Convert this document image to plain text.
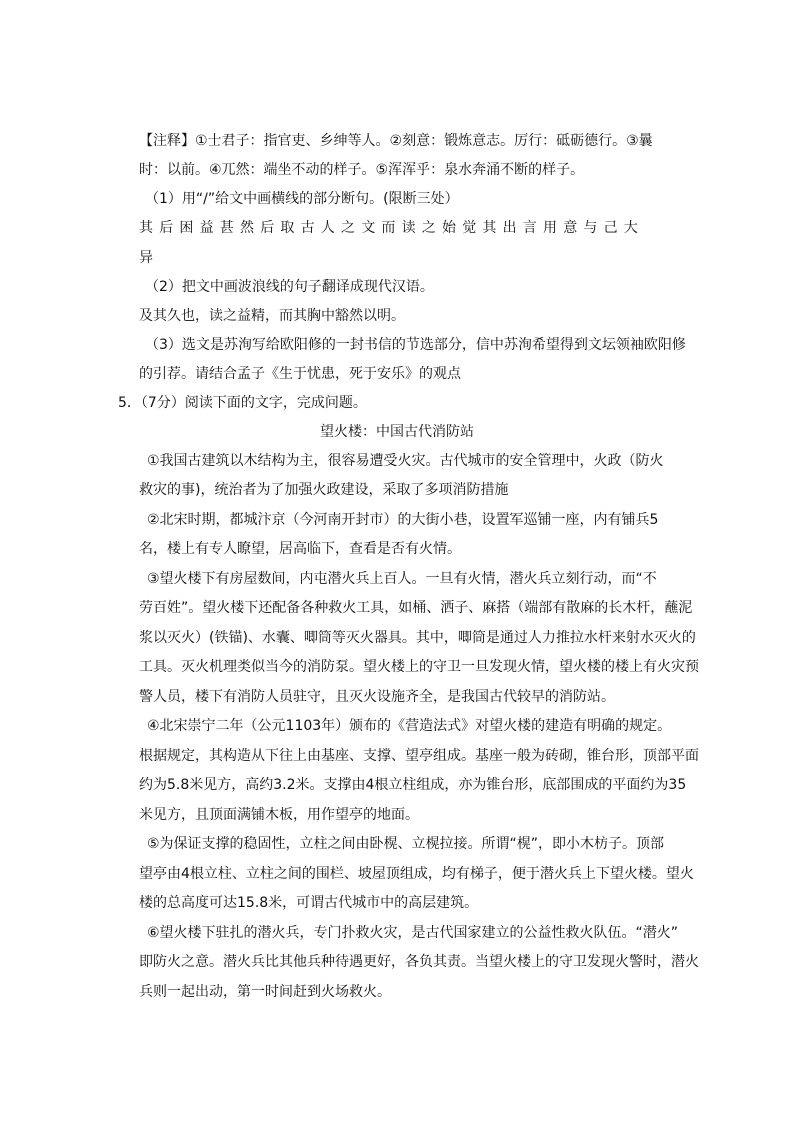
【注释】①士君子：指官吏、乡绅等人。②刻意：锻炼意志。厉行：砥砺德行。③曩
时：以前。④兀然：端坐不动的样子。⑤浑浑乎：泉水奔涌不断的样子。
（1）用“/”给文中画横线的部分断句。(限断三处）
其后困益甚然后取古人之文而读之始觉其出言用意与己大
异
（2）把文中画波浪线的句子翻译成现代汉语。
及其久也，读之益精，而其胸中豁然以明。
（3）选文是苏洵写给欧阳修的一封书信的节选部分，信中苏洵希望得到文坛领袖欧阳修
的引荐。请结合孟子《生于忧患，死于安乐》的观点
5．（7分）阅读下面的文字，完成问题。
望火楼：中国古代消防站
①我国古建筑以木结构为主，很容易遭受火灾。古代城市的安全管理中，火政（防火
救灾的事)，统治者为了加强火政建设，采取了多项消防措施
②北宋时期，都城汴京（今河南开封市）的大街小巷，设置军巡铺一座，内有铺兵5
名，楼上有专人瞭望，居高临下，查看是否有火情。
③望火楼下有房屋数间，内屯潜火兵上百人。一旦有火情，潜火兵立刻行动，而“不
劳百姓”。望火楼下还配备各种救火工具，如桶、洒子、麻搭（端部有散麻的长木杆，蘸泥
浆以灭火）(铁锚)、水囊、唧筒等灭火器具。其中，唧筒是通过人力推拉水杆来射水灭火的
工具。灭火机理类似当今的消防泵。望火楼上的守卫一旦发现火情，望火楼的楼上有火灾预
警人员，楼下有消防人员驻守，且灭火设施齐全，是我国古代较早的消防站。
④北宋崇宁二年（公元1103年）颁布的《营造法式》对望火楼的建造有明确的规定。
根据规定，其构造从下往上由基座、支撑、望亭组成。基座一般为砖砌，锥台形，顶部平面
约为5.8米见方，高约3.2米。支撑由4根立柱组成，亦为锥台形，底部围成的平面约为35
米见方，且顶面满铺木板，用作望亭的地面。
⑤为保证支撑的稳固性，立柱之间由卧榥、立榥拉接。所谓“榥”，即小木枋子。顶部
望亭由4根立柱、立柱之间的围栏、坡屋顶组成，均有梯子，便于潜火兵上下望火楼。望火
楼的总高度可达15.8米，可谓古代城市中的高层建筑。
⑥望火楼下驻扎的潜火兵，专门扑救火灾，是古代国家建立的公益性救火队伍。“潜火”
即防火之意。潜火兵比其他兵种待遇更好，各负其责。当望火楼上的守卫发现火警时，潜火
兵则一起出动，第一时间赶到火场救火。
